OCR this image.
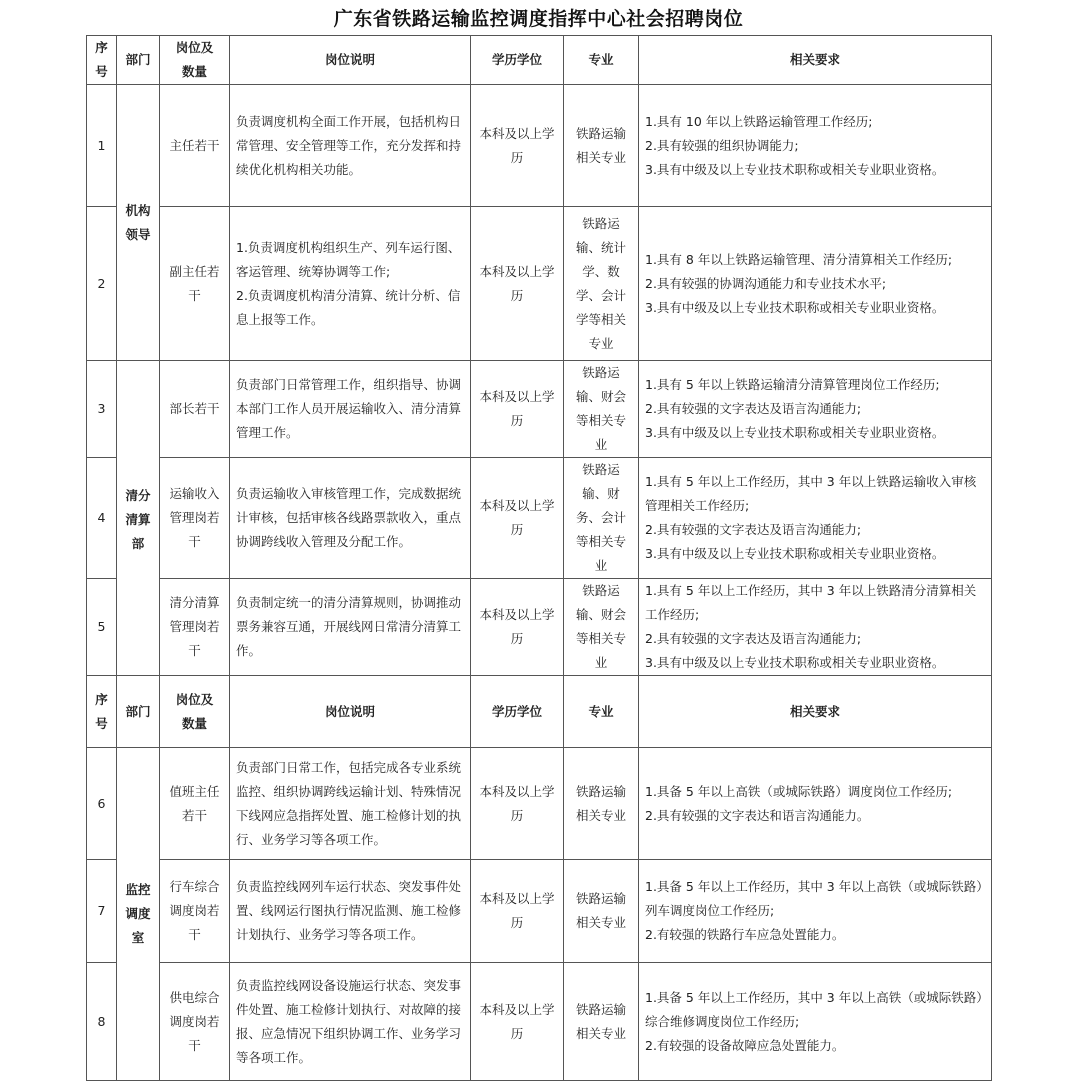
广东省铁路运输监控调度指挥中心社会招聘岗位
序
号	部门	岗位及
数量	岗位说明	学历学位	专业	相关要求
1	机构
领导	主任若干	负责调度机构全面工作开展，包括机构日常管理、安全管理等工作，充分发挥和持续优化机构相关功能。	本科及以上学历	铁路运输相关专业	1.具有 10 年以上铁路运输管理工作经历;
2.具有较强的组织协调能力;
3.具有中级及以上专业技术职称或相关专业职业资格。

2		副主任若干	1.负责调度机构组织生产、列车运行图、客运管理、统筹协调等工作;
2.负责调度机构清分清算、统计分析、信息上报等工作。	本科及以上学历	铁路运输、统计学、数学、会计学等相关专业	1.具有 8 年以上铁路运输管理、清分清算相关工作经历;
2.具有较强的协调沟通能力和专业技术水平;
3.具有中级及以上专业技术职称或相关专业职业资格。

3	清分
清算
部	部长若干	负责部门日常管理工作，组织指导、协调本部门工作人员开展运输收入、清分清算管理工作。	本科及以上学历	铁路运输、财会等相关专业	1.具有 5 年以上铁路运输清分清算管理岗位工作经历;
2.具有较强的文字表达及语言沟通能力;
3.具有中级及以上专业技术职称或相关专业职业资格。

4		运输收入管理岗若干	负责运输收入审核管理工作，完成数据统计审核，包括审核各线路票款收入，重点协调跨线收入管理及分配工作。	本科及以上学历	铁路运输、财务、会计等相关专业	1.具有 5 年以上工作经历，其中 3 年以上铁路运输收入审核管理相关工作经历;
2.具有较强的文字表达及语言沟通能力;
3.具有中级及以上专业技术职称或相关专业职业资格。

5		清分清算管理岗若干	负责制定统一的清分清算规则，协调推动票务兼容互通，开展线网日常清分清算工作。	本科及以上学历	铁路运输、财会等相关专业	1.具有 5 年以上工作经历，其中 3 年以上铁路清分清算相关工作经历;
2.具有较强的文字表达及语言沟通能力;
3.具有中级及以上专业技术职称或相关专业职业资格。

序
号	部门	岗位及
数量	岗位说明	学历学位	专业	相关要求
6	监控
调度
室	值班主任若干	负责部门日常工作，包括完成各专业系统监控、组织协调跨线运输计划、特殊情况下线网应急指挥处置、施工检修计划的执行、业务学习等各项工作。	本科及以上学历	铁路运输相关专业	1.具备 5 年以上高铁（或城际铁路）调度岗位工作经历;
2.具有较强的文字表达和语言沟通能力。

7		行车综合调度岗若干	负责监控线网列车运行状态、突发事件处置、线网运行图执行情况监测、施工检修计划执行、业务学习等各项工作。	本科及以上学历	铁路运输相关专业	1.具备 5 年以上工作经历，其中 3 年以上高铁（或城际铁路）列车调度岗位工作经历;
2.有较强的铁路行车应急处置能力。

8		供电综合调度岗若干	负责监控线网设备设施运行状态、突发事件处置、施工检修计划执行、对故障的接报、应急情况下组织协调工作、业务学习等各项工作。	本科及以上学历	铁路运输相关专业	1.具备 5 年以上工作经历，其中 3 年以上高铁（或城际铁路）综合维修调度岗位工作经历;
2.有较强的设备故障应急处置能力。
